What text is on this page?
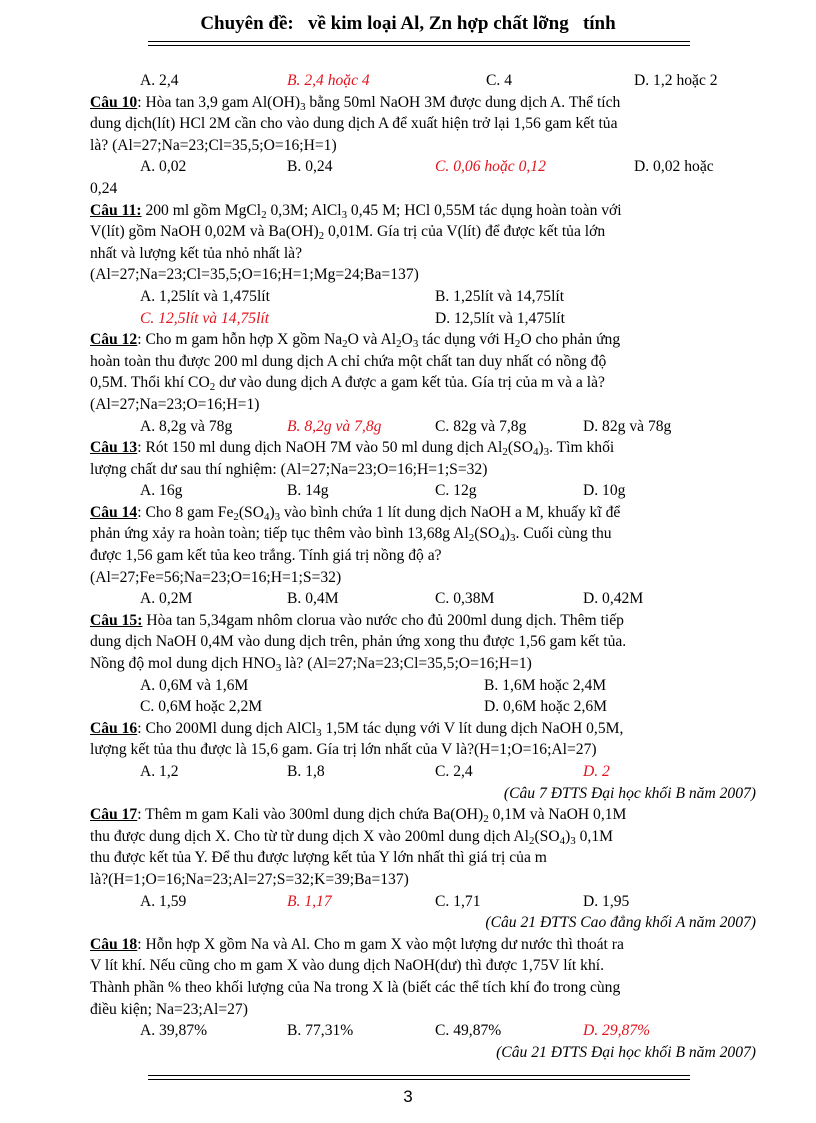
Chuyên đề:   về kim loại Al, Zn hợp chất lỡng   tính
A. 2,4	B. 2,4 hoặc 4	C. 4	D. 1,2 hoặc 2
Câu 10: Hòa tan 3,9 gam $Al(OH)_3$ bằng 50ml NaOH 3M được dung dịch A. Thể tích
dung dịch(lít) HCl 2M cần cho vào dung dịch A để xuất hiện trở lại 1,56 gam kết tủa
là? (Al=27;Na=23;Cl=35,5;O=16;H=1)
A. 0,02	B. 0,24	C. 0,06 hoặc 0,12	D. 0,02 hoặc
0,24
Câu 11: 200 ml gồm MgCl$_2$ 0,3M; AlCl$_3$ 0,45 M; HCl 0,55M tác dụng hoàn toàn với
V(lít) gồm NaOH 0,02M và $Ba(OH)_2$ 0,01M. Gía trị của V(lít) để được kết tủa lớn
nhất và lượng kết tủa nhỏ nhất là?
(Al=27;Na=23;Cl=35,5;O=16;H=1;Mg=24;Ba=137)
A. 1,25lít và 1,475lít	B. 1,25lít và 14,75lít
C. 12,5lít và 14,75lít	D. 12,5lít và 1,475lít
Câu 12: Cho m gam hỗn hợp X gồm $Na_2O$ và $Al_2O_3$ tác dụng với $H_2O$ cho phản ứng
hoàn toàn thu được 200 ml dung dịch A chỉ chứa một chất tan duy nhất có nồng độ
0,5M. Thổi khí $CO_2$ dư vào dung dịch A được a gam kết tủa. Gía trị của m và a là?
(Al=27;Na=23;O=16;H=1)
A. 8,2g và 78g	B. 8,2g và 7,8g	C. 82g và 7,8g	D. 82g và 78g
Câu 13: Rót 150 ml dung dịch NaOH 7M vào 50 ml dung dịch $Al_2(SO_4)_3$. Tìm khối
lượng chất dư sau thí nghiệm: (Al=27;Na=23;O=16;H=1;S=32)
A. 16g	B. 14g	C. 12g	D. 10g
Câu 14: Cho 8 gam $Fe_2(SO_4)_3$ vào bình chứa 1 lít dung dịch NaOH a M, khuấy kĩ để
phản ứng xảy ra hoàn toàn; tiếp tục thêm vào bình 13,68g $Al_2(SO_4)_3$. Cuối cùng thu
được 1,56 gam kết tủa keo trắng. Tính giá trị nồng độ a?
(Al=27;Fe=56;Na=23;O=16;H=1;S=32)
A. 0,2M	B. 0,4M	C. 0,38M	D. 0,42M
Câu 15: Hòa tan 5,34gam nhôm clorua vào nước cho đủ 200ml dung dịch. Thêm tiếp
dung dịch NaOH 0,4M vào dung dịch trên, phản ứng xong thu được 1,56 gam kết tủa.
Nồng độ mol dung dịch $HNO_3$ là? (Al=27;Na=23;Cl=35,5;O=16;H=1)
A. 0,6M và 1,6M	B. 1,6M hoặc 2,4M
C. 0,6M hoặc 2,2M	D. 0,6M hoặc 2,6M
Câu 16: Cho 200Ml dung dịch AlCl$_3$ 1,5M tác dụng với V lít dung dịch NaOH 0,5M,
lượng kết tủa thu được là 15,6 gam. Gía trị lớn nhất của V là?(H=1;O=16;Al=27)
A. 1,2	B. 1,8	C. 2,4	D. 2
(Câu 7 ĐTTS Đại học khối B năm 2007)
Câu 17: Thêm m gam Kali vào 300ml dung dịch chứa $Ba(OH)_2$ 0,1M và NaOH 0,1M
thu được dung dịch X. Cho từ từ dung dịch X vào 200ml dung dịch $Al_2(SO_4)_3$ 0,1M
thu được kết tủa Y. Để thu được lượng kết tủa Y lớn nhất thì giá trị của m
là?(H=1;O=16;Na=23;Al=27;S=32;K=39;Ba=137)
A. 1,59	B. 1,17	C. 1,71	D. 1,95
(Câu 21 ĐTTS Cao đẳng khối A năm 2007)
Câu 18: Hỗn hợp X gồm Na và Al. Cho m gam X vào một lượng dư nước thì thoát ra
V lít khí. Nếu cũng cho m gam X vào dung dịch NaOH(dư) thì được 1,75V lít khí.
Thành phần % theo khối lượng của Na trong X là (biết các thể tích khí đo trong cùng
điều kiện; Na=23;Al=27)
A. 39,87%	B. 77,31%	C. 49,87%	D. 29,87%
(Câu 21 ĐTTS Đại học khối B năm 2007)
3
